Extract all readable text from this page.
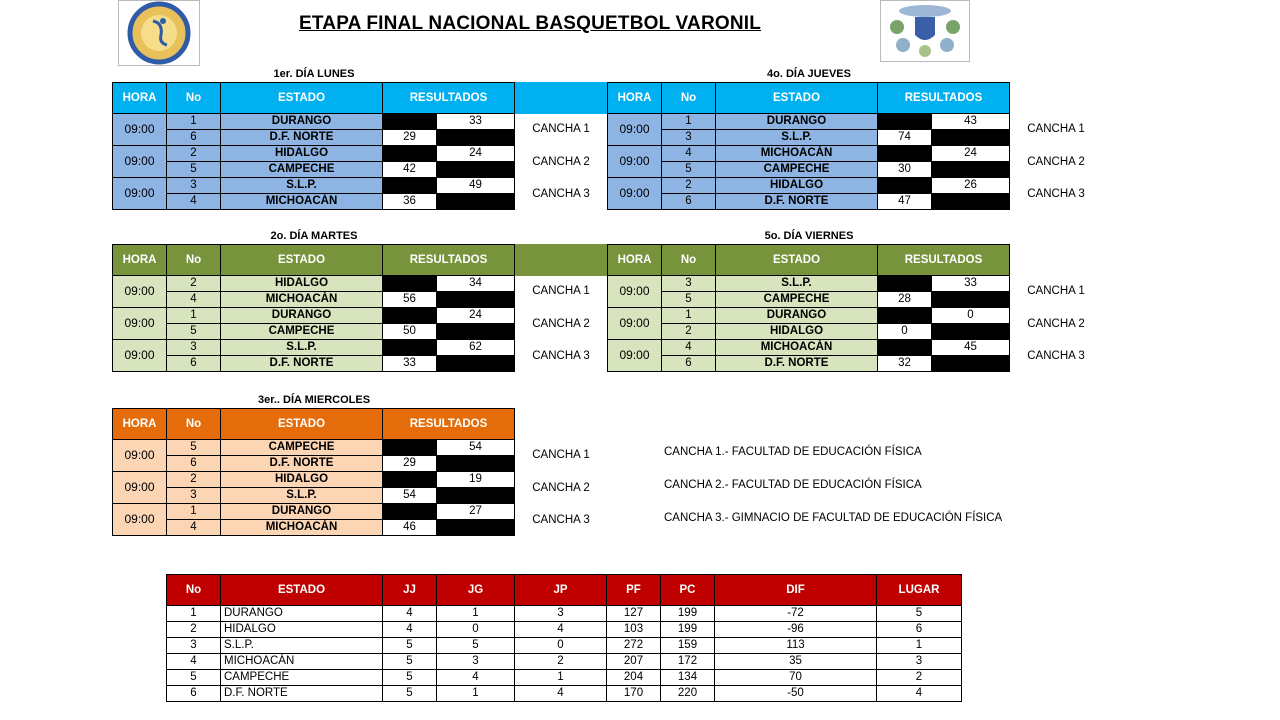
ETAPA FINAL NACIONAL BASQUETBOL VARONIL
1er. DÍA LUNES
CANCHA 1
CANCHA 2
CANCHA 3
HORA	No	ESTADO	RESULTADOS	
09:00	1	DURANGO		33
	6	D.F. NORTE	29	
09:00	2	HIDALGO		24
	5	CAMPECHE	42	
09:00	3	S.L.P.		49
	4	MICHOACÁN	36	
2o. DÍA MARTES
CANCHA 1
CANCHA 2
CANCHA 3
HORA	No	ESTADO	RESULTADOS	
09:00	2	HIDALGO		34
	4	MICHOACÁN	56	
09:00	1	DURANGO		24
	5	CAMPECHE	50	
09:00	3	S.L.P.		62
	6	D.F. NORTE	33	
3er.. DÍA MIERCOLES
CANCHA 1
CANCHA 2
CANCHA 3
HORA	No	ESTADO	RESULTADOS	
09:00	5	CAMPECHE		54
	6	D.F. NORTE	29	
09:00	2	HIDALGO		19
	3	S.L.P.	54	
09:00	1	DURANGO		27
	4	MICHOACÁN	46	
4o. DÍA JUEVES
CANCHA 1
CANCHA 2
CANCHA 3
HORA	No	ESTADO	RESULTADOS	
09:00	1	DURANGO		43
	3	S.L.P.	74	
09:00	4	MICHOACÁN		24
	5	CAMPECHE	30	
09:00	2	HIDALGO		26
	6	D.F. NORTE	47	
5o. DÍA VIERNES
CANCHA 1
CANCHA 2
CANCHA 3
HORA	No	ESTADO	RESULTADOS	
09:00	3	S.L.P.		33
	5	CAMPECHE	28	
09:00	1	DURANGO		0
	2	HIDALGO	0	
09:00	4	MICHOACÁN		45
	6	D.F. NORTE	32	
CANCHA 1.- FACULTAD DE EDUCACIÓN FÍSICA
CANCHA 2.- FACULTAD DE EDUCACIÓN FÍSICA
CANCHA 3.- GIMNACIO DE FACULTAD DE EDUCACIÓN FÍSICA
No	ESTADO	JJ	JG	JP	PF	PC	DIF	LUGAR
1	DURANGO	4	1	3	127	199	-72	5
2	HIDALGO	4	0	4	103	199	-96	6
3	S.L.P.	5	5	0	272	159	113	1
4	MICHOACÁN	5	3	2	207	172	35	3
5	CAMPECHE	5	4	1	204	134	70	2
6	D.F. NORTE	5	1	4	170	220	-50	4
